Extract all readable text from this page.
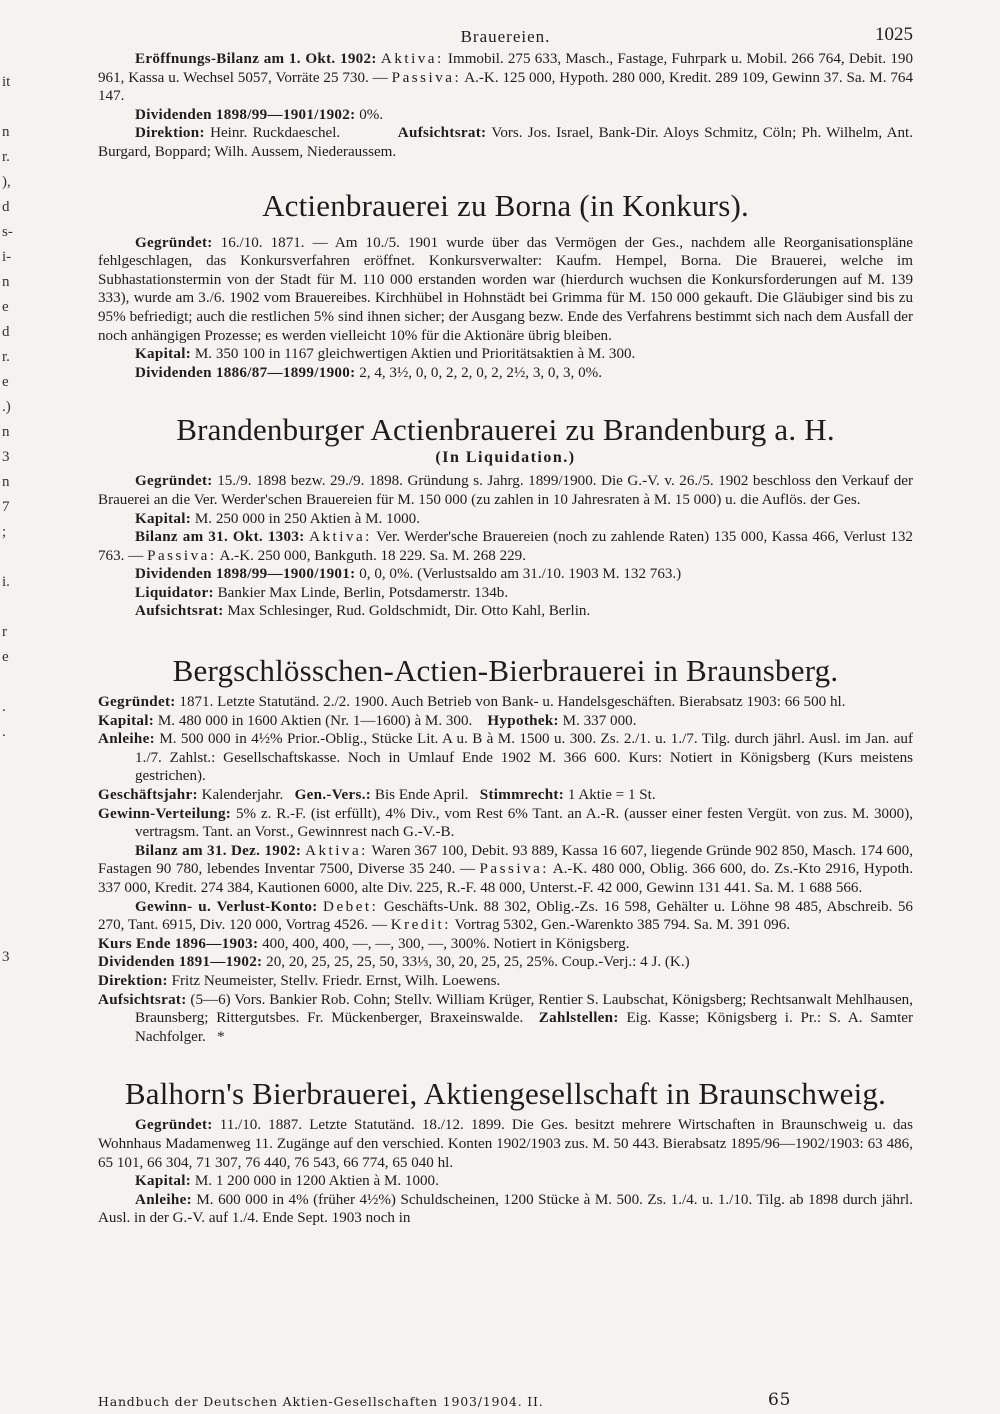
it

n
r.
),
d
s-
i-
n
e
d
r.
e
.)
n
3
n
7
;

i.

r
e

.
.

3
Brauereien.	1025

Eröffnungs-Bilanz am 1. Okt. 1902: Aktiva: Immobil. 275 633, Masch., Fastage, Fuhrpark u. Mobil. 266 764, Debit. 190 961, Kassa u. Wechsel 5057, Vorräte 25 730. — Passiva: A.-K. 125 000, Hypoth. 280 000, Kredit. 289 109, Gewinn 37. Sa. M. 764 147.

Dividenden 1898/99—1901/1902: 0%.

Direktion: Heinr. Ruckdaeschel.	Aufsichtsrat: Vors. Jos. Israel, Bank-Dir. Aloys Schmitz, Cöln; Ph. Wilhelm, Ant. Burgard, Boppard; Wilh. Aussem, Niederaussem.

Actienbrauerei zu Borna (in Konkurs).

Gegründet: 16./10. 1871. — Am 10./5. 1901 wurde über das Vermögen der Ges., nachdem alle Reorganisationspläne fehlgeschlagen, das Konkursverfahren eröffnet. Konkursverwalter: Kaufm. Hempel, Borna. Die Brauerei, welche im Subhastationstermin von der Stadt für M. 110 000 erstanden worden war (hierdurch wuchsen die Konkursforderungen auf M. 139 333), wurde am 3./6. 1902 vom Brauereibes. Kirchhübel in Hohnstädt bei Grimma für M. 150 000 gekauft. Die Gläubiger sind bis zu 95% befriedigt; auch die restlichen 5% sind ihnen sicher; der Ausgang bezw. Ende des Verfahrens bestimmt sich nach dem Ausfall der noch anhängigen Prozesse; es werden vielleicht 10% für die Aktionäre übrig bleiben.

Kapital: M. 350 100 in 1167 gleichwertigen Aktien und Prioritätsaktien à M. 300.

Dividenden 1886/87—1899/1900: 2, 4, 3½, 0, 0, 2, 2, 0, 2, 2½, 3, 0, 3, 0%.

Brandenburger Actienbrauerei zu Brandenburg a. H.
(In Liquidation.)

Gegründet: 15./9. 1898 bezw. 29./9. 1898. Gründung s. Jahrg. 1899/1900. Die G.-V. v. 26./5. 1902 beschloss den Verkauf der Brauerei an die Ver. Werder'schen Brauereien für M. 150 000 (zu zahlen in 10 Jahresraten à M. 15 000) u. die Auflös. der Ges.

Kapital: M. 250 000 in 250 Aktien à M. 1000.

Bilanz am 31. Okt. 1303: Aktiva: Ver. Werder'sche Brauereien (noch zu zahlende Raten) 135 000, Kassa 466, Verlust 132 763. — Passiva: A.-K. 250 000, Bankguth. 18 229. Sa. M. 268 229.

Dividenden 1898/99—1900/1901: 0, 0, 0%. (Verlustsaldo am 31./10. 1903 M. 132 763.)

Liquidator: Bankier Max Linde, Berlin, Potsdamerstr. 134b.

Aufsichtsrat: Max Schlesinger, Rud. Goldschmidt, Dir. Otto Kahl, Berlin.

Bergschlösschen-Actien-Bierbrauerei in Braunsberg.

Gegründet: 1871. Letzte Statutänd. 2./2. 1900. Auch Betrieb von Bank- u. Handelsgeschäften. Bierabsatz 1903: 66 500 hl.

Kapital: M. 480 000 in 1600 Aktien (Nr. 1—1600) à M. 300. Hypothek: M. 337 000.

Anleihe: M. 500 000 in 4½% Prior.-Oblig., Stücke Lit. A u. B à M. 1500 u. 300. Zs. 2./1. u. 1./7. Tilg. durch jährl. Ausl. im Jan. auf 1./7. Zahlst.: Gesellschaftskasse. Noch in Umlauf Ende 1902 M. 366 600. Kurs: Notiert in Königsberg (Kurs meistens gestrichen).

Geschäftsjahr: Kalenderjahr. Gen.-Vers.: Bis Ende April. Stimmrecht: 1 Aktie = 1 St.

Gewinn-Verteilung: 5% z. R.-F. (ist erfüllt), 4% Div., vom Rest 6% Tant. an A.-R. (ausser einer festen Vergüt. von zus. M. 3000), vertragsm. Tant. an Vorst., Gewinnrest nach G.-V.-B.

Bilanz am 31. Dez. 1902: Aktiva: Waren 367 100, Debit. 93 889, Kassa 16 607, liegende Gründe 902 850, Masch. 174 600, Fastagen 90 780, lebendes Inventar 7500, Diverse 35 240. — Passiva: A.-K. 480 000, Oblig. 366 600, do. Zs.-Kto 2916, Hypoth. 337 000, Kredit. 274 384, Kautionen 6000, alte Div. 225, R.-F. 48 000, Unterst.-F. 42 000, Gewinn 131 441. Sa. M. 1 688 566.

Gewinn- u. Verlust-Konto: Debet: Geschäfts-Unk. 88 302, Oblig.-Zs. 16 598, Gehälter u. Löhne 98 485, Abschreib. 56 270, Tant. 6915, Div. 120 000, Vortrag 4526. — Kredit: Vortrag 5302, Gen.-Warenkto 385 794. Sa. M. 391 096.

Kurs Ende 1896—1903: 400, 400, 400, —, —, 300, —, 300%. Notiert in Königsberg.

Dividenden 1891—1902: 20, 20, 25, 25, 25, 50, 33⅓, 30, 20, 25, 25, 25%. Coup.-Verj.: 4 J. (K.)

Direktion: Fritz Neumeister, Stellv. Friedr. Ernst, Wilh. Loewens.

Aufsichtsrat: (5—6) Vors. Bankier Rob. Cohn; Stellv. William Krüger, Rentier S. Laubschat, Königsberg; Rechtsanwalt Mehlhausen, Braunsberg; Rittergutsbes. Fr. Mückenberger, Braxeinswalde. Zahlstellen: Eig. Kasse; Königsberg i. Pr.: S. A. Samter Nachfolger. *

Balhorn's Bierbrauerei, Aktiengesellschaft in Braunschweig.

Gegründet: 11./10. 1887. Letzte Statutänd. 18./12. 1899. Die Ges. besitzt mehrere Wirtschaften in Braunschweig u. das Wohnhaus Madamenweg 11. Zugänge auf den verschied. Konten 1902/1903 zus. M. 50 443. Bierabsatz 1895/96—1902/1903: 63 486, 65 101, 66 304, 71 307, 76 440, 76 543, 66 774, 65 040 hl.

Kapital: M. 1 200 000 in 1200 Aktien à M. 1000.

Anleihe: M. 600 000 in 4% (früher 4½%) Schuldscheinen, 1200 Stücke à M. 500. Zs. 1./4. u. 1./10. Tilg. ab 1898 durch jährl. Ausl. in der G.-V. auf 1./4. Ende Sept. 1903 noch in

Handbuch der Deutschen Aktien-Gesellschaften 1903/1904. II.	65
